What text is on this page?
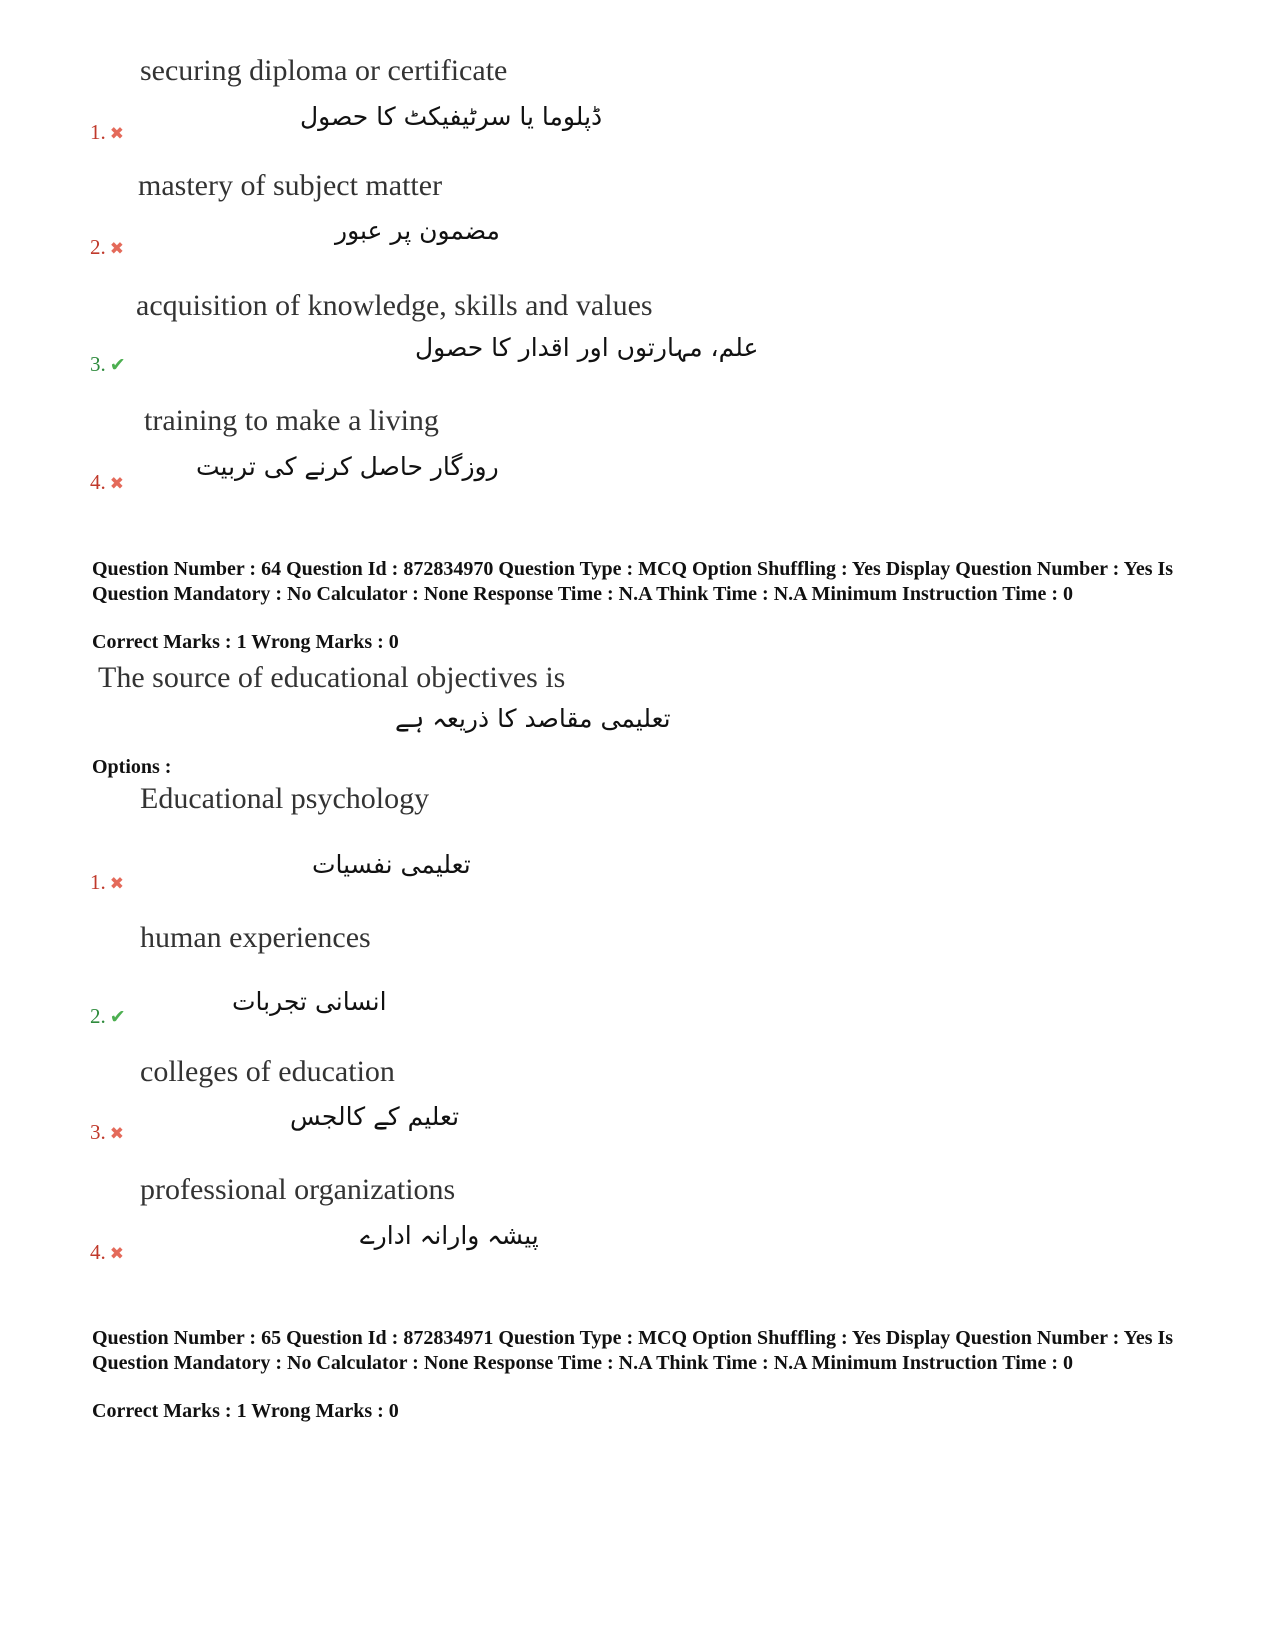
securing diploma or certificate
ڈپلوما یا سرٹیفیکٹ کا حصول
1. ✖
mastery of subject matter
مضمون پر عبور
2. ✖
acquisition of knowledge, skills and values
علم، مہارتوں اور اقدار کا حصول
3. ✔
training to make a living
روزگار حاصل کرنے کی تربیت
4. ✖
Question Number : 64 Question Id : 872834970 Question Type : MCQ Option Shuffling : Yes Display Question Number : Yes Is Question Mandatory : No Calculator : None Response Time : N.A Think Time : N.A Minimum Instruction Time : 0
Correct Marks : 1 Wrong Marks : 0
The source of educational objectives is
تعلیمی مقاصد کا ذریعہ ہے
Options :
Educational psychology
تعلیمی نفسیات
1. ✖
human experiences
انسانی تجربات
2. ✔
colleges of education
تعلیم کے کالجس
3. ✖
professional organizations
پیشہ وارانہ ادارے
4. ✖
Question Number : 65 Question Id : 872834971 Question Type : MCQ Option Shuffling : Yes Display Question Number : Yes Is Question Mandatory : No Calculator : None Response Time : N.A Think Time : N.A Minimum Instruction Time : 0
Correct Marks : 1 Wrong Marks : 0
